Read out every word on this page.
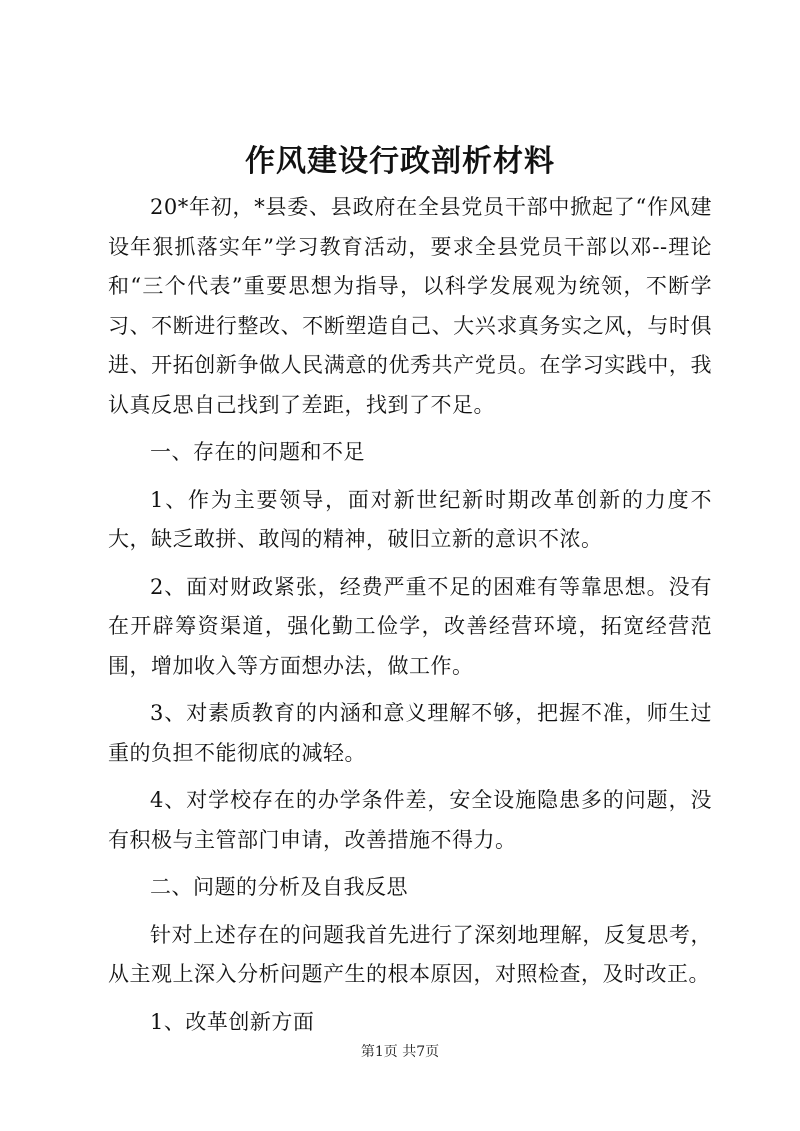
作风建设行政剖析材料

20*年初，*县委、县政府在全县党员干部中掀起了“作风建设年狠抓落实年”学习教育活动，要求全县党员干部以邓--理论和“三个代表”重要思想为指导，以科学发展观为统领，不断学习、不断进行整改、不断塑造自己、大兴求真务实之风，与时俱进、开拓创新争做人民满意的优秀共产党员。在学习实践中，我认真反思自己找到了差距，找到了不足。

一、存在的问题和不足

1、作为主要领导，面对新世纪新时期改革创新的力度不大，缺乏敢拼、敢闯的精神，破旧立新的意识不浓。

2、面对财政紧张，经费严重不足的困难有等靠思想。没有在开辟筹资渠道，强化勤工俭学，改善经营环境，拓宽经营范围，增加收入等方面想办法，做工作。

3、对素质教育的内涵和意义理解不够，把握不准，师生过重的负担不能彻底的减轻。

4、对学校存在的办学条件差，安全设施隐患多的问题，没有积极与主管部门申请，改善措施不得力。

二、问题的分析及自我反思

针对上述存在的问题我首先进行了深刻地理解，反复思考，从主观上深入分析问题产生的根本原因，对照检查，及时改正。

1、改革创新方面

第1页 共7页
